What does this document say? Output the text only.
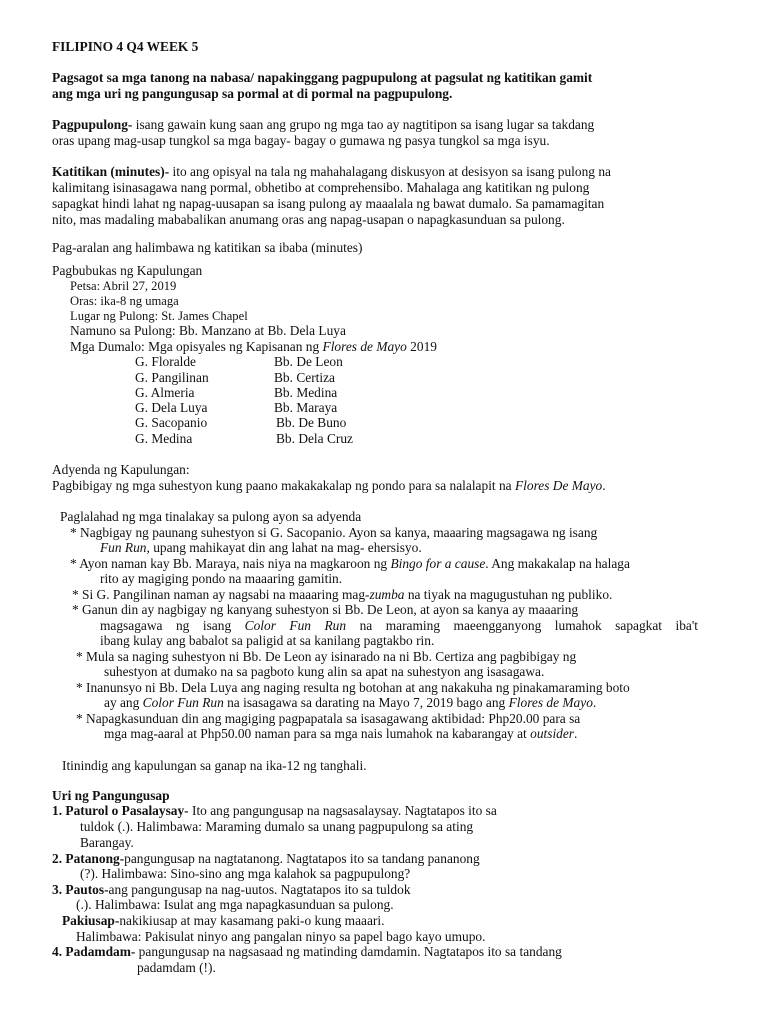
FILIPINO 4 Q4 WEEK 5
Pagsagot sa mga tanong na nabasa/ napakinggang pagpupulong at pagsulat ng katitikan gamit
ang mga uri ng pangungusap sa pormal at di pormal na pagpupulong.
Pagpupulong- isang gawain kung saan ang grupo ng mga tao ay nagtitipon sa isang lugar sa takdang
oras upang mag-usap tungkol sa mga bagay- bagay o gumawa ng pasya tungkol sa mga isyu.
Katitikan (minutes)- ito ang opisyal na tala ng mahahalagang diskusyon at desisyon sa isang pulong na
kalimitang isinasagawa nang pormal, obhetibo at comprehensibo. Mahalaga ang katitikan ng pulong
sapagkat hindi lahat ng napag-uusapan sa isang pulong ay maaalala ng bawat dumalo. Sa pamamagitan
nito, mas madaling mababalikan anumang oras ang napag-usapan o napagkasunduan sa pulong.
Pag-aralan ang halimbawa ng katitikan sa ibaba (minutes)
Pagbubukas ng Kapulungan
Petsa: Abril 27, 2019
Oras: ika-8 ng umaga
Lugar ng Pulong: St. James Chapel
Namuno sa Pulong: Bb. Manzano at Bb. Dela Luya
Mga Dumalo: Mga opisyales ng Kapisanan ng Flores de Mayo 2019
G. Floralde	Bb. De Leon
G. Pangilinan	Bb. Certiza
G. Almeria	Bb. Medina
G. Dela Luya	Bb. Maraya
G. Sacopanio	Bb. De Buno
G. Medina	Bb. Dela Cruz
Adyenda ng Kapulungan:
Pagbibigay ng mga suhestyon kung paano makakakalap ng pondo para sa nalalapit na Flores De Mayo.
Paglalahad ng mga tinalakay sa pulong ayon sa adyenda
* Nagbigay ng paunang suhestyon si G. Sacopanio. Ayon sa kanya, maaaring magsagawa ng isang
Fun Run, upang mahikayat din ang lahat na mag- ehersisyo.
* Ayon naman kay Bb. Maraya, nais niya na magkaroon ng Bingo for a cause. Ang makakalap na halaga
rito ay magiging pondo na maaaring gamitin.
* Si G. Pangilinan naman ay nagsabi na maaaring mag-zumba na tiyak na magugustuhan ng publiko.
* Ganun din ay nagbigay ng kanyang suhestyon si Bb. De Leon, at ayon sa kanya ay maaaring
magsagawa ng isang Color Fun Run na maraming maeengganyong lumahok sapagkat iba't
ibang kulay ang babalot sa paligid at sa kanilang pagtakbo rin.
* Mula sa naging suhestyon ni Bb. De Leon ay isinarado na ni Bb. Certiza ang pagbibigay ng
suhestyon at dumako na sa pagboto kung alin sa apat na suhestyon ang isasagawa.
* Inanunsyo ni Bb. Dela Luya ang naging resulta ng botohan at ang nakakuha ng pinakamaraming boto
ay ang Color Fun Run na isasagawa sa darating na Mayo 7, 2019 bago ang Flores de Mayo.
* Napagkasunduan din ang magiging pagpapatala sa isasagawang aktibidad: Php20.00 para sa
mga mag-aaral at Php50.00 naman para sa mga nais lumahok na kabarangay at outsider.
Itinindig ang kapulungan sa ganap na ika-12 ng tanghali.
Uri ng Pangungusap
1. Paturol o Pasalaysay- Ito ang pangungusap na nagsasalaysay. Nagtatapos ito sa
tuldok (.). Halimbawa: Maraming dumalo sa unang pagpupulong sa ating
Barangay.
2. Patanong-pangungusap na nagtatanong. Nagtatapos ito sa tandang pananong
(?). Halimbawa: Sino-sino ang mga kalahok sa pagpupulong?
3. Pautos-ang pangungusap na nag-uutos. Nagtatapos ito sa tuldok
(.). Halimbawa: Isulat ang mga napagkasunduan sa pulong.
Pakiusap-nakikiusap at may kasamang paki-o kung maaari.
Halimbawa: Pakisulat ninyo ang pangalan ninyo sa papel bago kayo umupo.
4. Padamdam- pangungusap na nagsasaad ng matinding damdamin. Nagtatapos ito sa tandang
padamdam (!).
